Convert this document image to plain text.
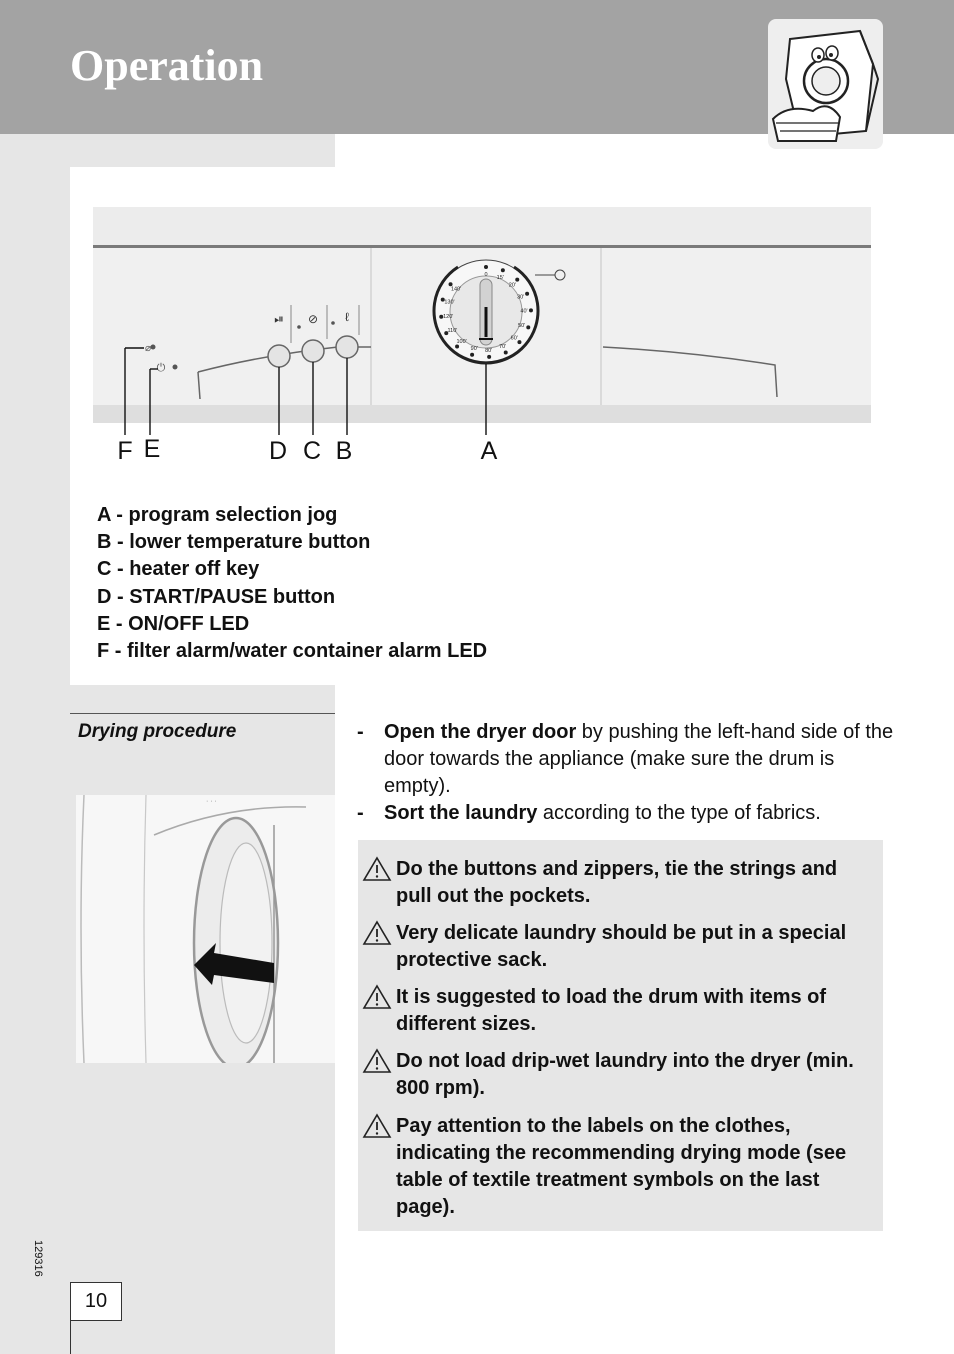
Operation
⌀
⏻
⏯ ⊘ ℓ
0 15'
20'
30'
40'
50'
60'
70'
80'
90'
100'
110'
120'
130'
140'
F E	D C B	A
A - program selection jog
B - lower temperature button
C - heater off key
D - START/PAUSE button
E - ON/OFF LED
F - filter alarm/water container alarm LED
Drying procedure
· · ·
- Open the dryer door by pushing the left-hand side of the door towards the appliance (make sure the drum is empty).
- Sort the laundry according to the type of fabrics.
Do the buttons and zippers, tie the strings and pull out the pockets.
Very delicate laundry should be put in a special protective sack.
It is suggested to load the drum with items of different sizes.
Do not load drip-wet laundry into the dryer (min. 800 rpm).
Pay attention to the labels on the clothes, indicating the recommending drying mode (see table of textile treatment symbols on the last page).
129316
10
